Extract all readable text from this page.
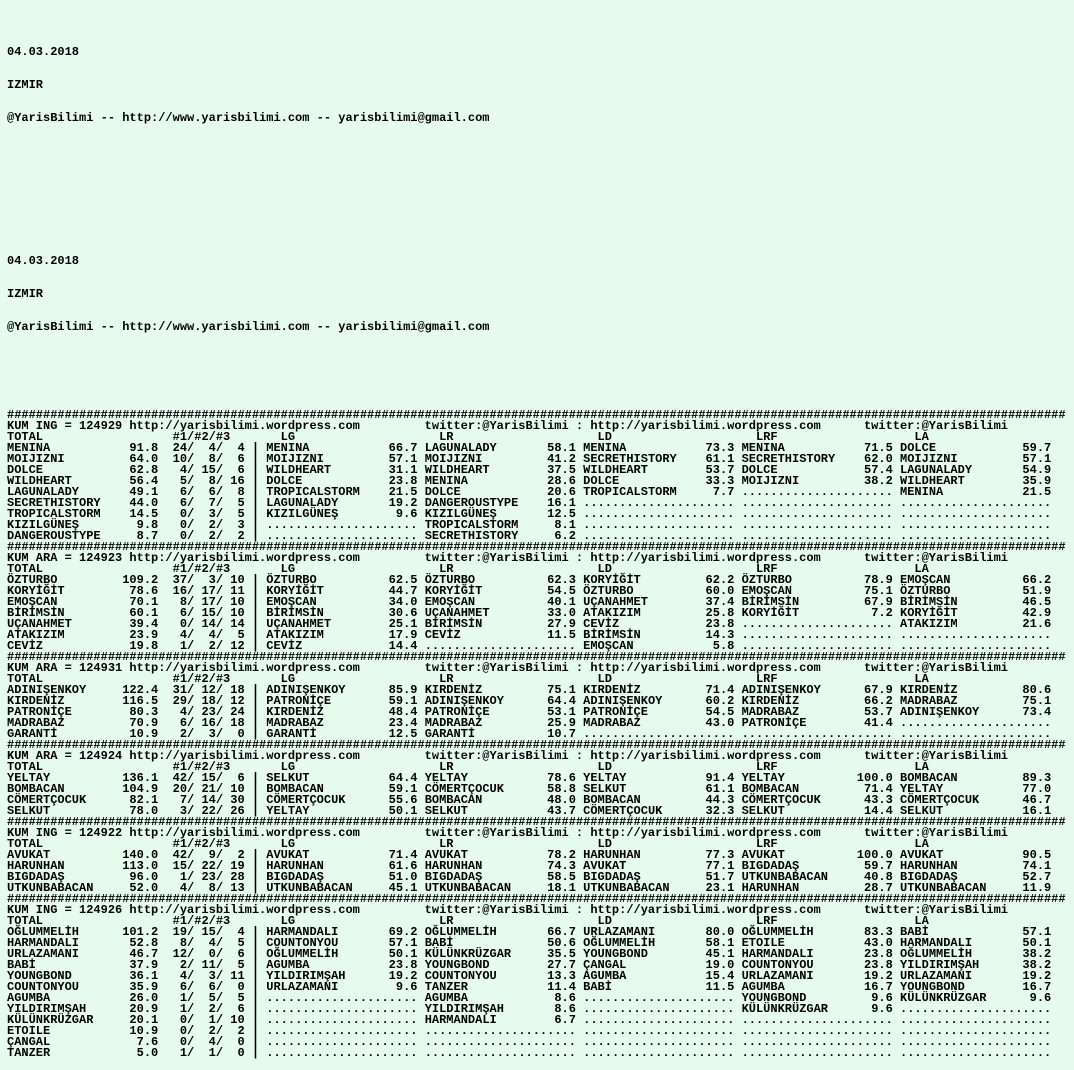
04.03.2018

IZMIR

@YarisBilimi -- http://www.yarisbilimi.com -- yarisbilimi@gmail.com

04.03.2018

IZMIR

@YarisBilimi -- http://www.yarisbilimi.com -- yarisbilimi@gmail.com

###################################################################################################################################################
KUM ING = 124929 http://yarisbilimi.wordpress.com         twitter:@YarisBilimi : http://yarisbilimi.wordpress.com      twitter:@YarisBilimi
TOTAL                  #1/#2/#3       LG                    LR                    LD                    LRF                   LA
MENINA           91.8  24/  4/  4 | MENINA           66.7 LAGUNALADY       58.1 MENINA           73.3 MENINA           71.5 DOLCE            59.7
MOIJIZNI         64.0  10/  8/  6 | MOIJIZNI         57.1 MOIJIZNI         41.2 SECRETHISTORY    61.1 SECRETHISTORY    62.0 MOIJIZNI         57.1
DOLCE            62.8   4/ 15/  6 | WILDHEART        31.1 WILDHEART        37.5 WILDHEART        53.7 DOLCE            57.4 LAGUNALADY       54.9
WILDHEART        56.4   5/  8/ 16 | DOLCE            23.8 MENINA           28.6 DOLCE            33.3 MOIJIZNI         38.2 WILDHEART        35.9
LAGUNALADY       49.1   6/  6/  8 | TROPICALSTORM    21.5 DOLCE            20.6 TROPICALSTORM     7.7 ..................... MENINA           21.5
SECRETHISTORY    44.0   6/  7/  5 | LAGUNALADY       19.2 DANGEROUSTYPE    16.1 ..................... ..................... .....................
TROPICALSTORM    14.5   0/  3/  5 | KIZILGÜNEŞ        9.6 KIZILGÜNEŞ       12.5 ..................... ..................... .....................
KIZILGÜNEŞ        9.8   0/  2/  3 | ..................... TROPICALSTORM     8.1 ..................... ..................... .....................
DANGEROUSTYPE     8.7   0/  2/  2 | ..................... SECRETHISTORY     6.2 ..................... ..................... .....................
###################################################################################################################################################
KUM ARA = 124923 http://yarisbilimi.wordpress.com         twitter:@YarisBilimi : http://yarisbilimi.wordpress.com      twitter:@YarisBilimi
TOTAL                  #1/#2/#3       LG                    LR                    LD                    LRF                   LA
ÖZTURBO         109.2  37/  3/ 10 | ÖZTURBO          62.5 ÖZTURBO          62.3 KORYİĞİT         62.2 ÖZTURBO          78.9 EMOŞCAN          66.2
KORYİĞİT         78.6  16/ 17/ 11 | KORYİĞİT         44.7 KORYİĞİT         54.5 ÖZTURBO          60.0 EMOŞCAN          75.1 ÖZTURBO          51.9
EMOŞCAN          70.1   8/ 17/ 10 | EMOŞCAN          34.0 EMOŞCAN          40.1 UÇANAHMET        37.4 BİRİMSİN         67.9 BİRİMSİN         46.5
BİRİMSİN         60.1   6/ 15/ 10 | BİRİMSİN         30.6 UÇANAHMET        33.0 ATAKIZIM         25.8 KORYİĞİT          7.2 KORYİĞİT         42.9
UÇANAHMET        39.4   0/ 14/ 14 | UÇANAHMET        25.1 BİRİMSİN         27.9 CEVİZ            23.8 ..................... ATAKIZIM         21.6
ATAKIZIM         23.9   4/  4/  5 | ATAKIZIM         17.9 CEVİZ            11.5 BİRİMSİN         14.3 ..................... .....................
CEVİZ            19.8   1/  2/ 12 | CEVİZ            14.4 ..................... EMOŞCAN           5.8 ..................... .....................
###################################################################################################################################################
KUM ARA = 124931 http://yarisbilimi.wordpress.com         twitter:@YarisBilimi : http://yarisbilimi.wordpress.com      twitter:@YarisBilimi
TOTAL                  #1/#2/#3       LG                    LR                    LD                    LRF                   LA
ADINIŞENKOY     122.4  31/ 12/ 18 | ADINIŞENKOY      85.9 KIRDENİZ         75.1 KIRDENİZ         71.4 ADINIŞENKOY      67.9 KIRDENİZ         80.6
KIRDENİZ        116.5  29/ 18/ 12 | PATRONİÇE        59.1 ADINIŞENKOY      64.4 ADINIŞENKOY      60.2 KIRDENİZ         66.2 MADRABAZ         75.1
PATRONİÇE        80.3   4/ 23/ 24 | KIRDENİZ         48.4 PATRONİÇE        53.1 PATRONİÇE        54.5 MADRABAZ         53.7 ADINIŞENKOY      73.4
MADRABAZ         70.9   6/ 16/ 18 | MADRABAZ         23.4 MADRABAZ         25.9 MADRABAZ         43.0 PATRONİÇE        41.4 .....................
GARANTİ          10.9   2/  3/  0 | GARANTİ          12.5 GARANTİ          10.7 ..................... ..................... .....................
###################################################################################################################################################
KUM ARA = 124924 http://yarisbilimi.wordpress.com         twitter:@YarisBilimi : http://yarisbilimi.wordpress.com      twitter:@YarisBilimi
TOTAL                  #1/#2/#3       LG                    LR                    LD                    LRF                   LA
YELTAY          136.1  42/ 15/  6 | SELKUT           64.4 YELTAY           78.6 YELTAY           91.4 YELTAY          100.0 BOMBACAN         89.3
BOMBACAN        104.9  20/ 21/ 10 | BOMBACAN         59.1 CÖMERTÇOCUK      58.8 SELKUT           61.1 BOMBACAN         71.4 YELTAY           77.0
CÖMERTÇOCUK      82.1   7/ 14/ 30 | CÖMERTÇOCUK      55.6 BOMBACAN         48.0 BOMBACAN         44.3 CÖMERTÇOCUK      43.3 CÖMERTÇOCUK      46.7
SELKUT           78.0   3/ 22/ 26 | YELTAY           50.1 SELKUT           43.7 CÖMERTÇOCUK      32.3 SELKUT           14.4 SELKUT           16.1
###################################################################################################################################################
KUM ING = 124922 http://yarisbilimi.wordpress.com         twitter:@YarisBilimi : http://yarisbilimi.wordpress.com      twitter:@YarisBilimi
TOTAL                  #1/#2/#3       LG                    LR                    LD                    LRF                   LA
AVUKAT          140.0  42/  9/  2 | AVUKAT           71.4 AVUKAT           78.2 HARUNHAN         77.3 AVUKAT          100.0 AVUKAT           90.5
HARUNHAN        113.0  15/ 22/ 19 | HARUNHAN         61.6 HARUNHAN         74.3 AVUKAT           77.1 BIGDADAŞ         59.7 HARUNHAN         74.1
BIGDADAŞ         96.0   1/ 23/ 28 | BIGDADAŞ         51.0 BIGDADAŞ         58.5 BIGDADAŞ         51.7 UTKUNBABACAN     40.8 BIGDADAŞ         52.7
UTKUNBABACAN     52.0   4/  8/ 13 | UTKUNBABACAN     45.1 UTKUNBABACAN     18.1 UTKUNBABACAN     23.1 HARUNHAN         28.7 UTKUNBABACAN     11.9
###################################################################################################################################################
KUM ING = 124926 http://yarisbilimi.wordpress.com         twitter:@YarisBilimi : http://yarisbilimi.wordpress.com      twitter:@YarisBilimi
TOTAL                  #1/#2/#3       LG                    LR                    LD                    LRF                   LA
OĞLUMMELİH      101.2  19/ 15/  4 | HARMANDALI       69.2 OĞLUMMELİH       66.7 URLAZAMANI       80.0 OĞLUMMELİH       83.3 BABİ             57.1
HARMANDALI       52.8   8/  4/  5 | COUNTONYOU       57.1 BABİ             50.6 OĞLUMMELİH       58.1 ETOILE           43.0 HARMANDALI       50.1
URLAZAMANI       46.7  12/  0/  6 | OĞLUMMELİH       50.1 KÜLÜNKRÜZGAR     35.5 YOUNGBOND        45.1 HARMANDALI       23.8 OĞLUMMELİH       38.2
BABİ             37.9   2/ 11/  5 | AGUMBA           23.8 YOUNGBOND        27.7 ÇANGAL           19.0 COUNTONYOU       23.8 YILDIRIMŞAH      38.2
YOUNGBOND        36.1   4/  3/ 11 | YILDIRIMŞAH      19.2 COUNTONYOU       13.3 AGUMBA           15.4 URLAZAMANI       19.2 URLAZAMANI       19.2
COUNTONYOU       35.9   6/  6/  0 | URLAZAMANI        9.6 TANZER           11.4 BABİ             11.5 AGUMBA           16.7 YOUNGBOND        16.7
AGUMBA           26.0   1/  5/  5 | ..................... AGUMBA            8.6 ..................... YOUNGBOND         9.6 KÜLÜNKRÜZGAR      9.6
YILDIRIMŞAH      20.9   1/  2/  6 | ..................... YILDIRIMŞAH       8.6 ..................... KÜLÜNKRÜZGAR      9.6 .....................
KÜLÜNKRÜZGAR     20.1   0/  1/ 10 | ..................... HARMANDALI        6.7 ..................... ..................... .....................
ETOILE           10.9   0/  2/  2 | ..................... ..................... ..................... ..................... .....................
ÇANGAL            7.6   0/  4/  0 | ..................... ..................... ..................... ..................... .....................
TANZER            5.0   1/  1/  0 | ..................... ..................... ..................... ..................... .....................
